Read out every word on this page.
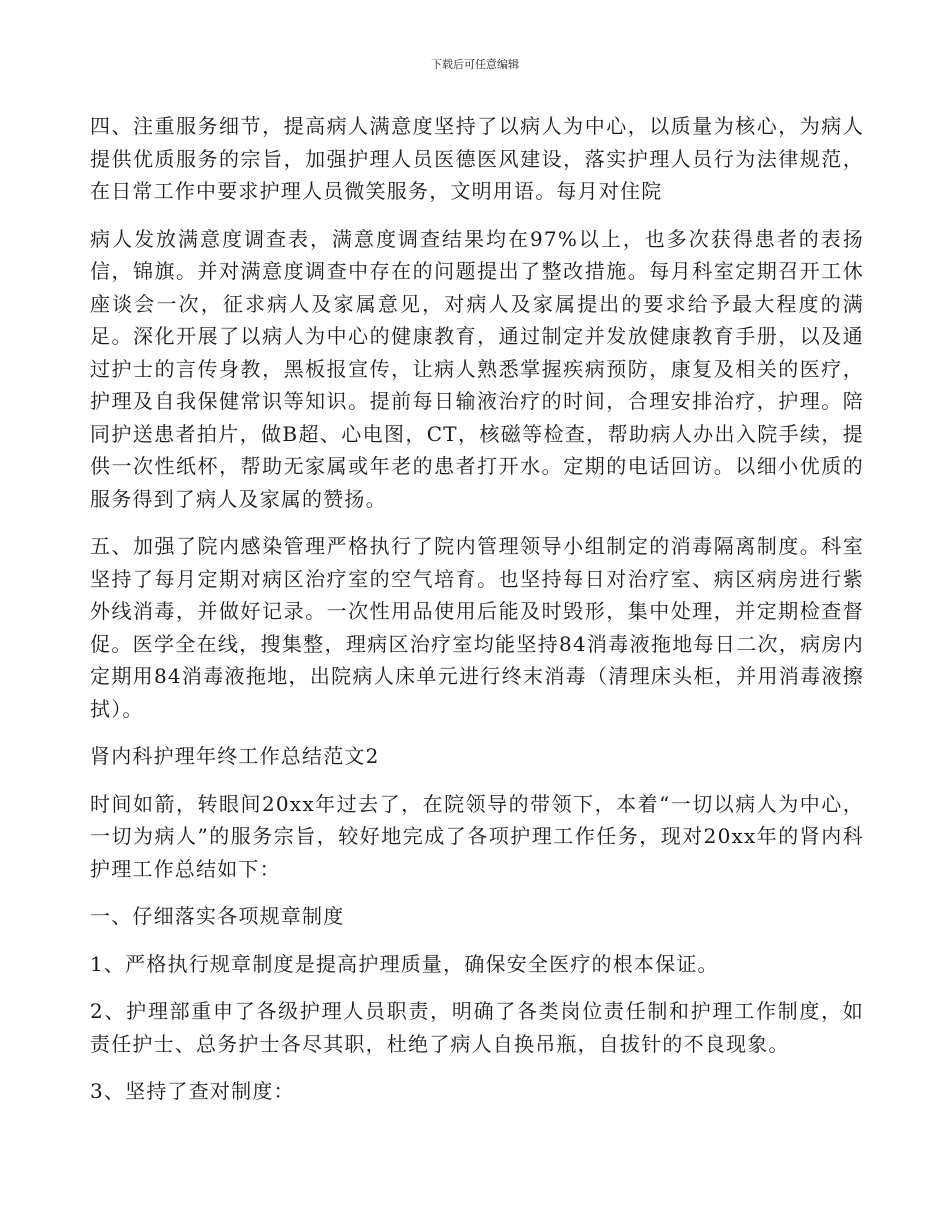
下载后可任意编辑

四、注重服务细节，提高病人满意度坚持了以病人为中心，以质量为核心，为病人提供优质服务的宗旨，加强护理人员医德医风建设，落实护理人员行为法律规范，在日常工作中要求护理人员微笑服务，文明用语。每月对住院

病人发放满意度调查表，满意度调查结果均在97%以上，也多次获得患者的表扬信，锦旗。并对满意度调查中存在的问题提出了整改措施。每月科室定期召开工休座谈会一次，征求病人及家属意见，对病人及家属提出的要求给予最大程度的满足。深化开展了以病人为中心的健康教育，通过制定并发放健康教育手册，以及通过护士的言传身教，黑板报宣传，让病人熟悉掌握疾病预防，康复及相关的医疗，护理及自我保健常识等知识。提前每日输液治疗的时间，合理安排治疗，护理。陪同护送患者拍片，做B超、心电图，CT，核磁等检查，帮助病人办出入院手续，提供一次性纸杯，帮助无家属或年老的患者打开水。定期的电话回访。以细小优质的服务得到了病人及家属的赞扬。

五、加强了院内感染管理严格执行了院内管理领导小组制定的消毒隔离制度。科室坚持了每月定期对病区治疗室的空气培育。也坚持每日对治疗室、病区病房进行紫外线消毒，并做好记录。一次性用品使用后能及时毁形，集中处理，并定期检查督促。医学全在线，搜集整，理病区治疗室均能坚持84消毒液拖地每日二次，病房内定期用84消毒液拖地，出院病人床单元进行终末消毒（清理床头柜，并用消毒液擦拭）。

肾内科护理年终工作总结范文2

时间如箭，转眼间20xx年过去了，在院领导的带领下，本着“一切以病人为中心，一切为病人”的服务宗旨，较好地完成了各项护理工作任务，现对20xx年的肾内科护理工作总结如下：

一、仔细落实各项规章制度

1、严格执行规章制度是提高护理质量，确保安全医疗的根本保证。

2、护理部重申了各级护理人员职责，明确了各类岗位责任制和护理工作制度，如责任护士、总务护士各尽其职，杜绝了病人自换吊瓶，自拔针的不良现象。

3、坚持了查对制度：
